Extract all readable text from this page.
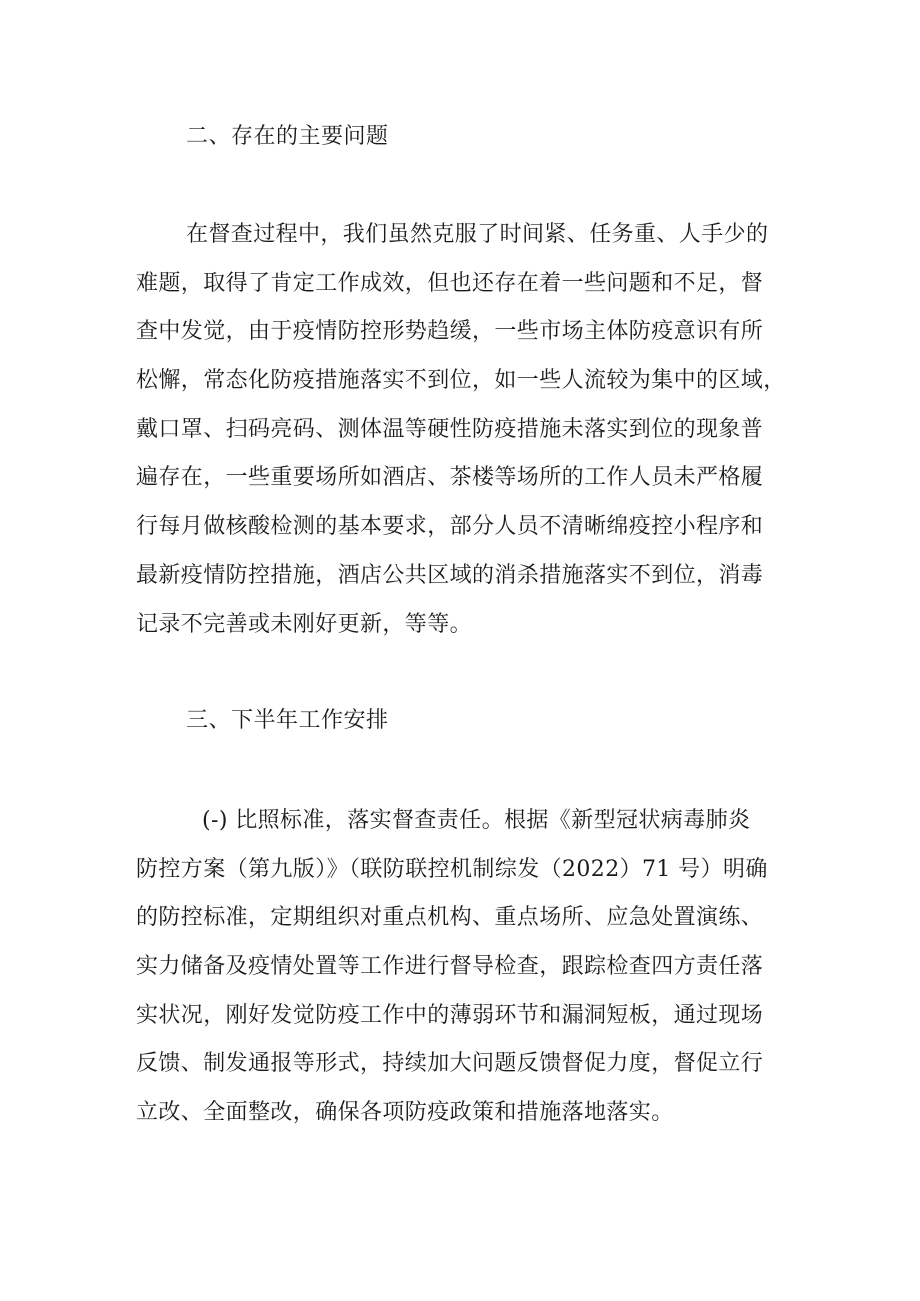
二、存在的主要问题
在督查过程中，我们虽然克服了时间紧、任务重、人手少的
难题，取得了肯定工作成效，但也还存在着一些问题和不足，督
查中发觉，由于疫情防控形势趋缓，一些市场主体防疫意识有所
松懈，常态化防疫措施落实不到位，如一些人流较为集中的区域，
戴口罩、扫码亮码、测体温等硬性防疫措施未落实到位的现象普
遍存在，一些重要场所如酒店、茶楼等场所的工作人员未严格履
行每月做核酸检测的基本要求，部分人员不清晰绵疫控小程序和
最新疫情防控措施，酒店公共区域的消杀措施落实不到位，消毒
记录不完善或未刚好更新，等等。
三、下半年工作安排
(-) 比照标准，落实督查责任。根据《新型冠状病毒肺炎
防控方案（第九版）》（联防联控机制综发（2022）71 号）明确
的防控标准，定期组织对重点机构、重点场所、应急处置演练、
实力储备及疫情处置等工作进行督导检查，跟踪检查四方责任落
实状况，刚好发觉防疫工作中的薄弱环节和漏洞短板，通过现场
反馈、制发通报等形式，持续加大问题反馈督促力度，督促立行
立改、全面整改，确保各项防疫政策和措施落地落实。
